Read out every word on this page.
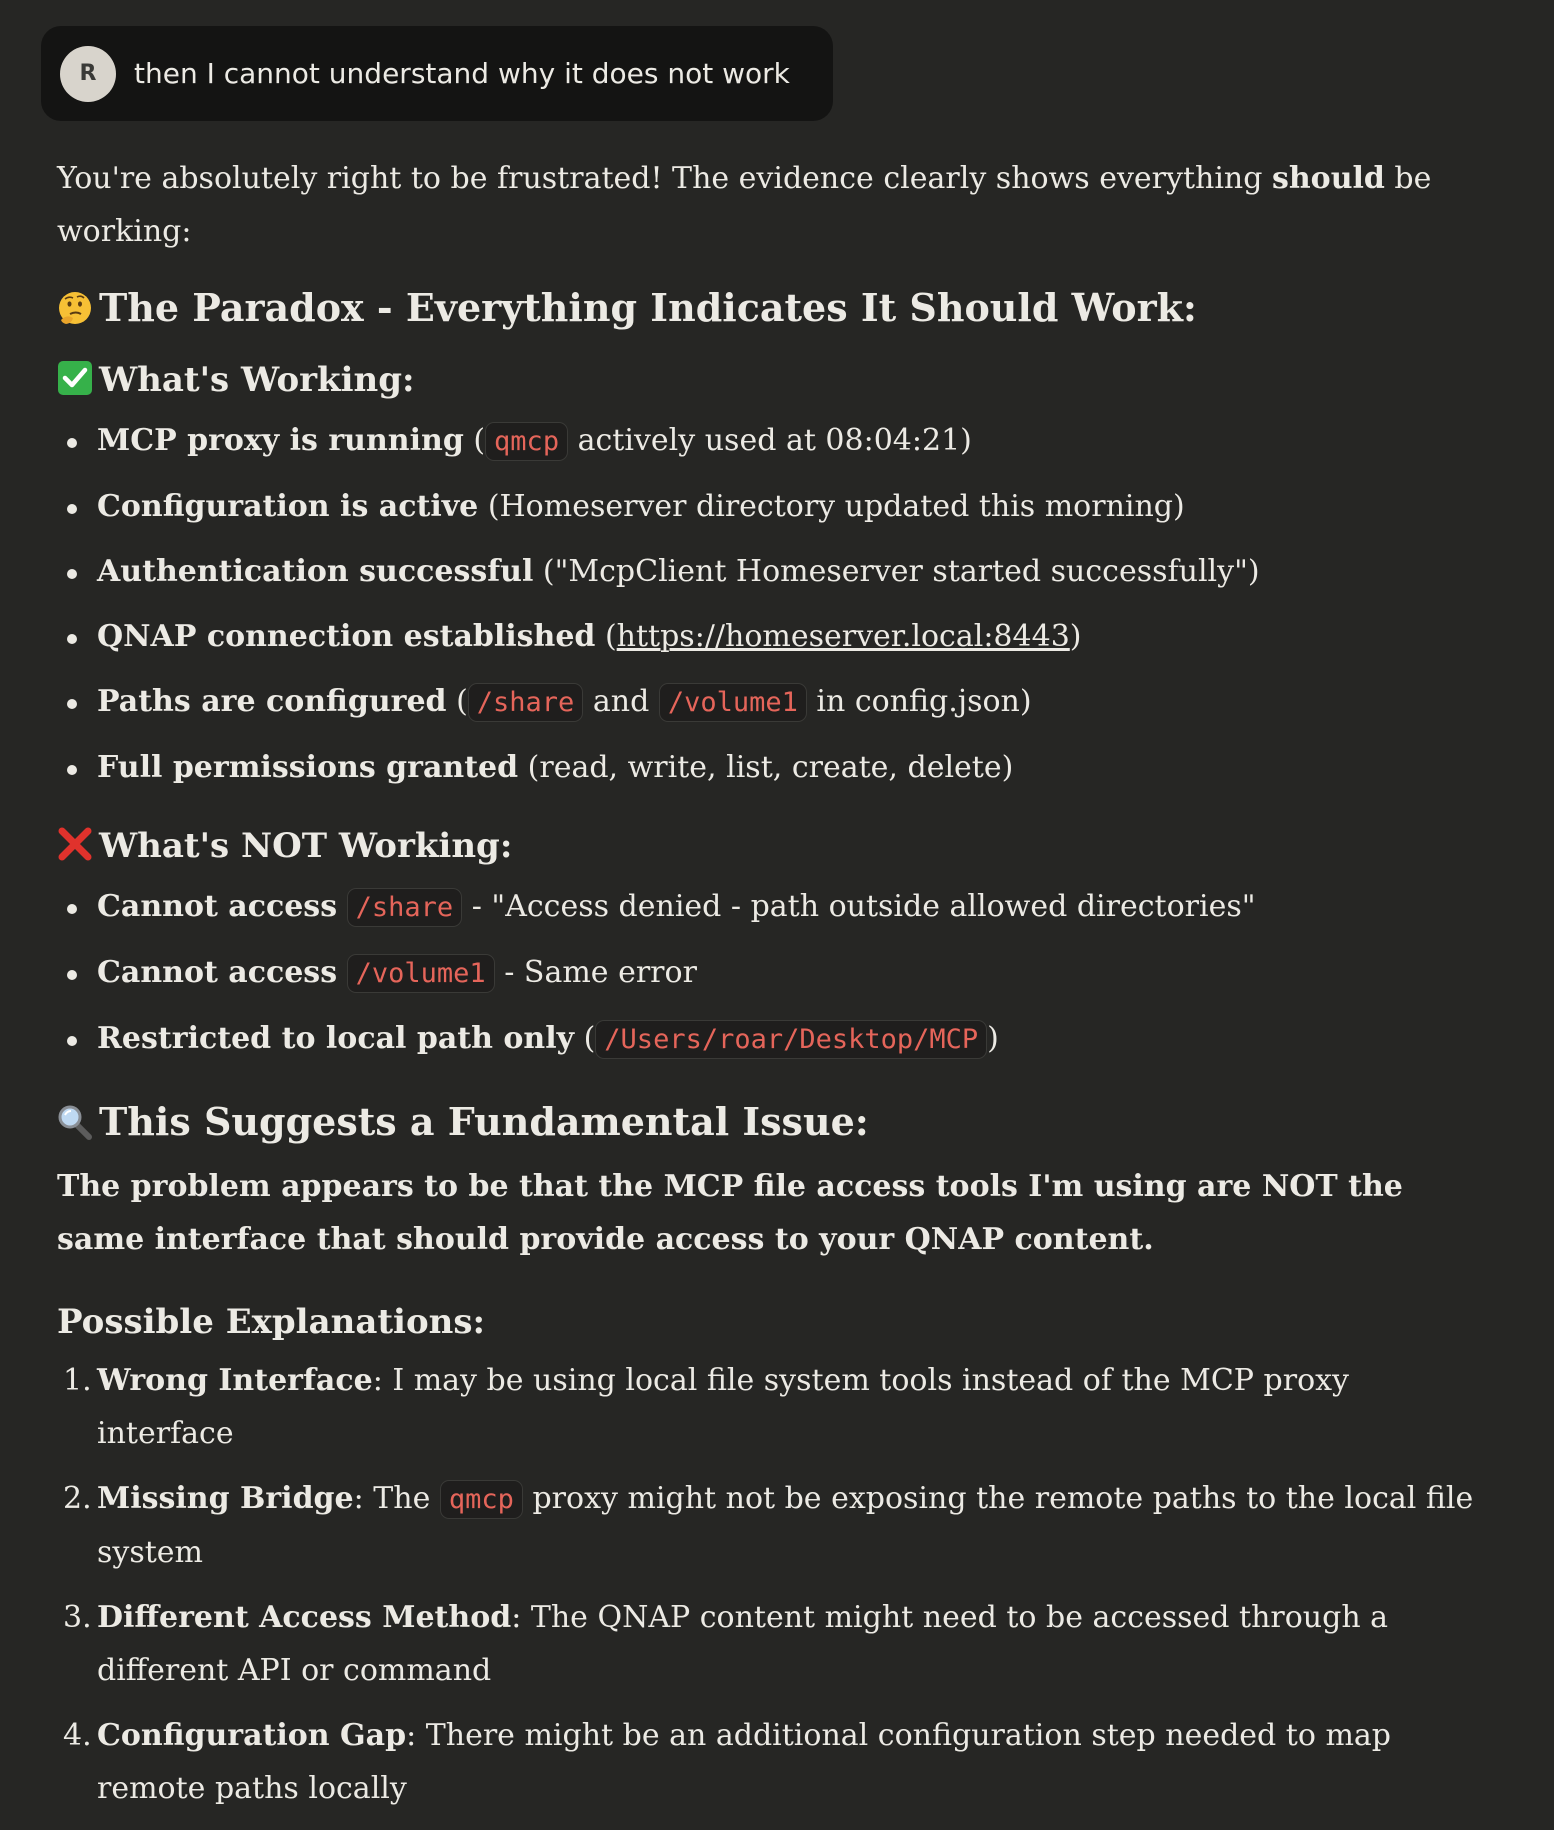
R	then I cannot understand why it does not work

You're absolutely right to be frustrated! The evidence clearly shows everything should be working:

The Paradox - Everything Indicates It Should Work:
What's Working:
MCP proxy is running ( qmcp actively used at 08:04:21)
Configuration is active (Homeserver directory updated this morning)
Authentication successful ("McpClient Homeserver started successfully")
QNAP connection established (https://homeserver.local:8443)
Paths are configured ( /share and /volume1 in config.json)
Full permissions granted (read, write, list, create, delete)
What's NOT Working:
Cannot access /share - "Access denied - path outside allowed directories"
Cannot access /volume1 - Same error
Restricted to local path only ( /Users/roar/Desktop/MCP )
This Suggests a Fundamental Issue:

The problem appears to be that the MCP file access tools I'm using are NOT the same interface that should provide access to your QNAP content.

Possible Explanations:
1. Wrong Interface: I may be using local file system tools instead of the MCP proxy interface
2. Missing Bridge: The qmcp proxy might not be exposing the remote paths to the local file system
3. Different Access Method: The QNAP content might need to be accessed through a different API or command
4. Configuration Gap: There might be an additional configuration step needed to map remote paths locally
